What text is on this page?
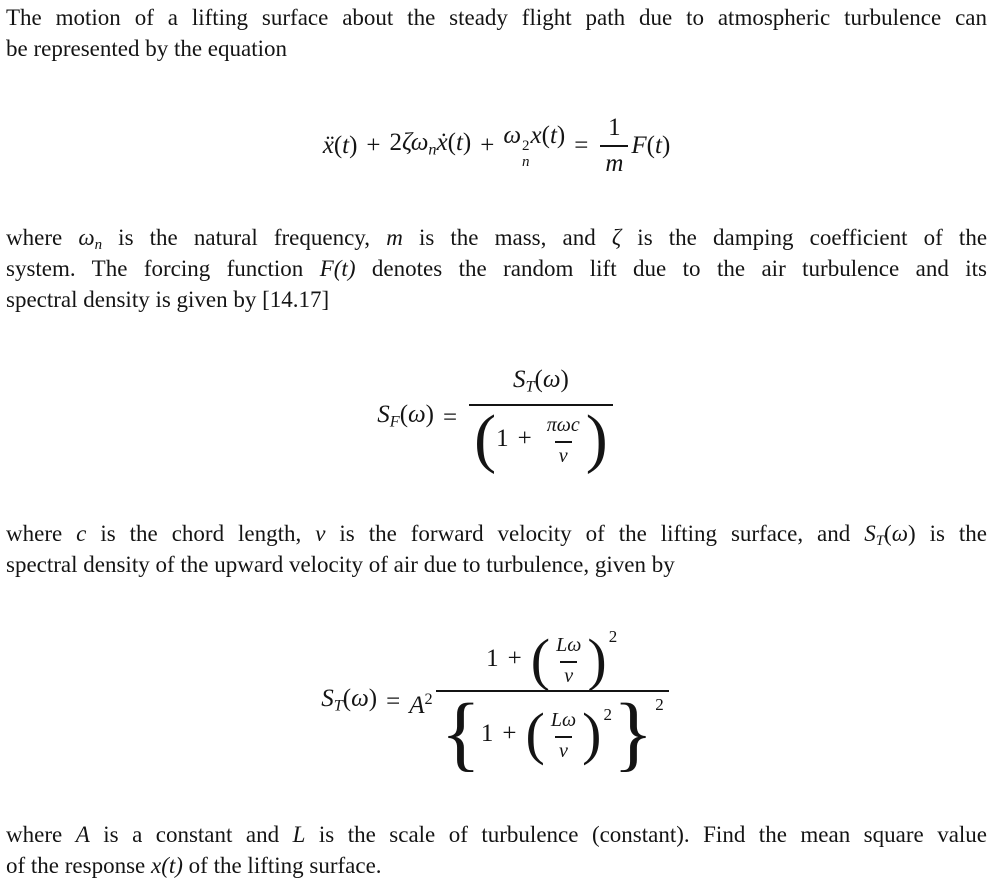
The motion of a lifting surface about the steady flight path due to atmospheric turbulence can
be represented by the equation

ẍ(t) + 2ζωnẋ(t) + ω 2
n
$x(t) = \frac{1}{m} F(t)$

where ωn is the natural frequency, m is the mass, and ζ is the damping coefficient of the
system. The forcing function F(t) denotes the random lift due to the air turbulence and its
spectral density is given by [14.17]

$SF(\omega) = \frac{ST(\omega)}{( 1 + \frac{\text{πωc}}{v} )}$

where c is the chord length, v is the forward velocity of the lifting surface, and ST(ω) is the
spectral density of the upward velocity of air due to turbulence, given by

$ST(\omega) = A^2 \frac{1 + ( \frac{L\omega}{v} ) 2}{\{ 1 + ( \frac{L\omega}{v} ) 2 \} 2}$

where A is a constant and L is the scale of turbulence (constant). Find the mean square value
of the response x(t) of the lifting surface.
